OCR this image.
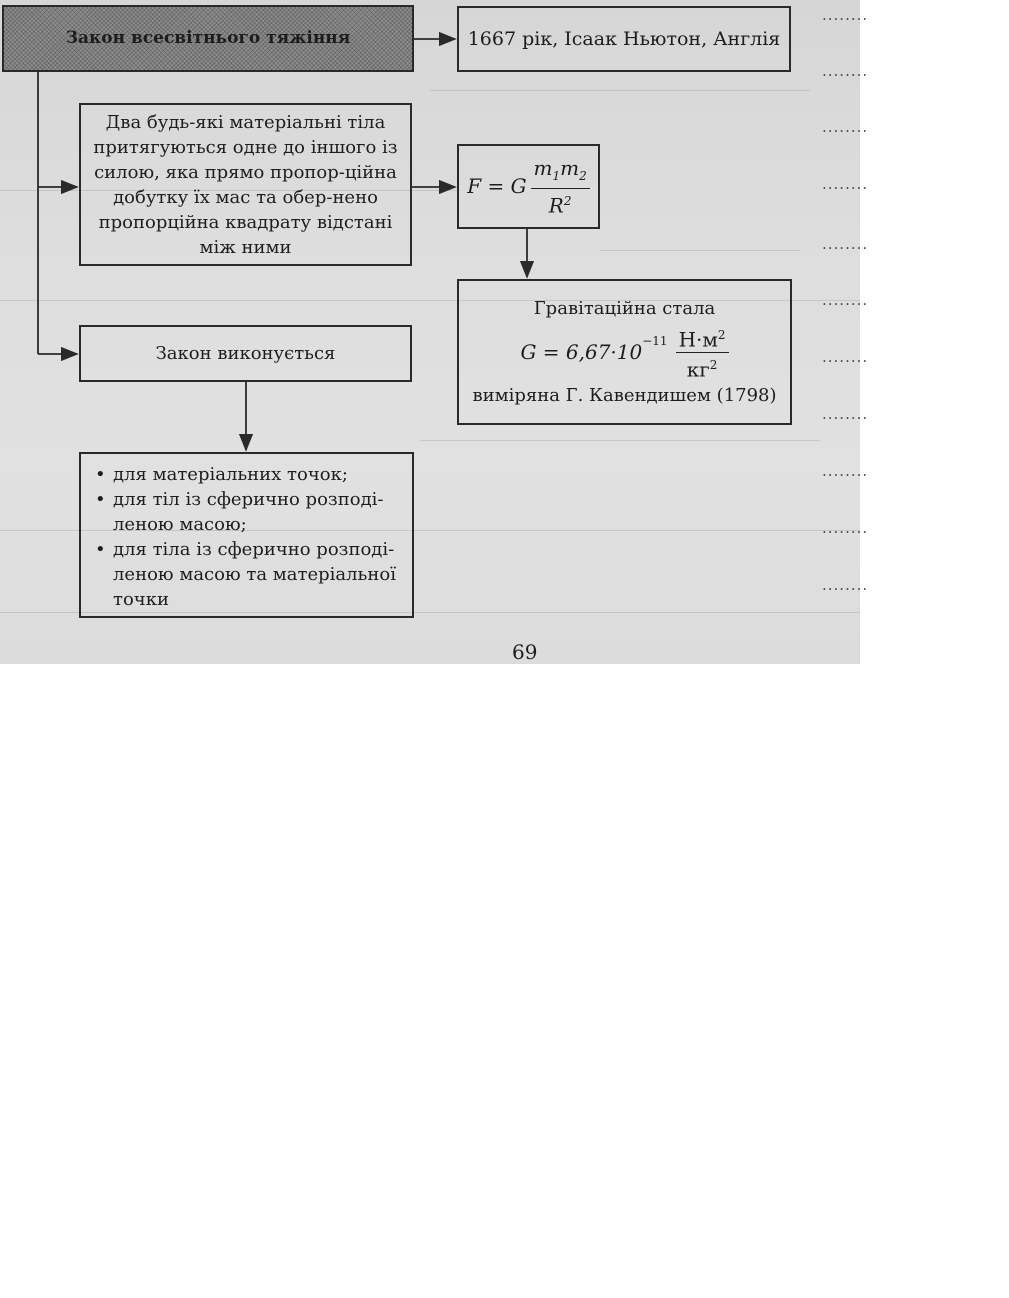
........
........
........
........
........
........
........
........
........
........
........
Закон всесвітнього тяжіння	1667 рік, Ісаак Ньютон, Англія
Два будь-які матеріальні тіла притягуються одне до іншого із силою, яка прямо пропор-ційна добутку їх мас та обер-нено пропорційна квадрату відстані між ними
F = G $\frac{m_1m_2}{R^2}$
Гравітаційна стала
$G = 6,67\cdot 10^{-11} \frac{Н\cdot м^2}{кг^2}$
виміряна Г. Кавендишем (1798)
Закон виконується
• для матеріальних точок;
• для тіл із сферично розподі-леною масою;
• для тіла із сферично розподі-леною масою та матеріальної точки
69
